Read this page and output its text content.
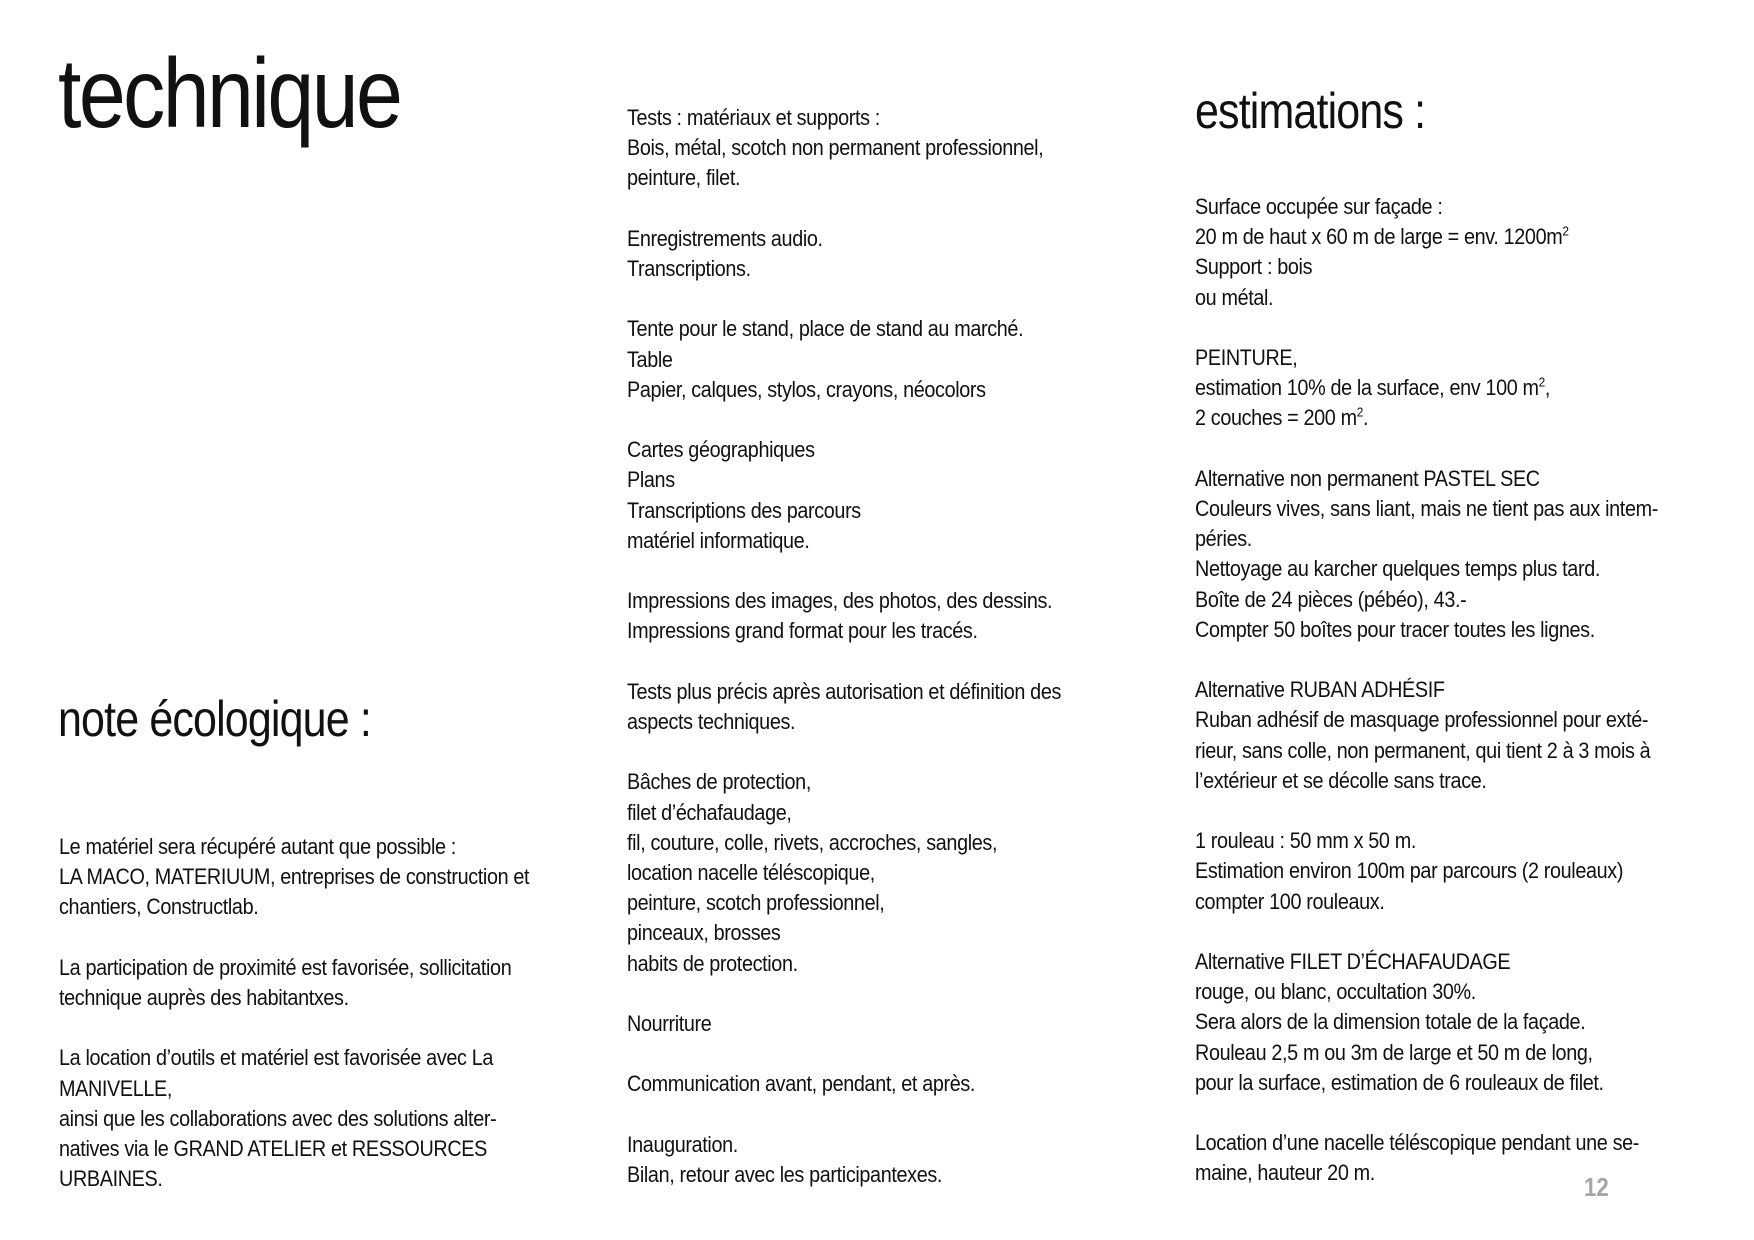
technique
note écologique :
estimations :
Le matériel sera récupéré autant que possible :
LA MACO, MATERIUUM, entreprises de construction et
chantiers, Constructlab.
La participation de proximité est favorisée, sollicitation
technique auprès des habitantxes.
La location d’outils et matériel est favorisée avec La
MANIVELLE,
ainsi que les collaborations avec des solutions alter-
natives via le GRAND ATELIER et RESSOURCES
URBAINES.
Tests : matériaux et supports :
Bois, métal, scotch non permanent professionnel,
peinture, filet.
Enregistrements audio.
Transcriptions.
Tente pour le stand, place de stand au marché.
Table
Papier, calques, stylos, crayons, néocolors
Cartes géographiques
Plans
Transcriptions des parcours
matériel informatique.
Impressions des images, des photos, des dessins.
Impressions grand format pour les tracés.
Tests plus précis après autorisation et définition des
aspects techniques.
Bâches de protection,
filet d’échafaudage,
fil, couture, colle, rivets, accroches, sangles,
location nacelle téléscopique,
peinture, scotch professionnel,
pinceaux, brosses
habits de protection.
Nourriture
Communication avant, pendant, et après.
Inauguration.
Bilan, retour avec les participantexes.
Surface occupée sur façade :
20 m de haut x 60 m de large = env. $1200m^2$
Support : bois
ou métal.
PEINTURE,
estimation 10% de la surface, env 100 $m^2$,
2 couches = 200 $m^2$.
Alternative non permanent PASTEL SEC
Couleurs vives, sans liant, mais ne tient pas aux intem-
péries.
Nettoyage au karcher quelques temps plus tard.
Boîte de 24 pièces (pébéo), 43.-
Compter 50 boîtes pour tracer toutes les lignes.
Alternative RUBAN ADHÉSIF
Ruban adhésif de masquage professionnel pour exté-
rieur, sans colle, non permanent, qui tient 2 à 3 mois à
l’extérieur et se décolle sans trace.
1 rouleau : 50 mm x 50 m.
Estimation environ 100m par parcours (2 rouleaux)
compter 100 rouleaux.
Alternative FILET D’ÉCHAFAUDAGE
rouge, ou blanc, occultation 30%.
Sera alors de la dimension totale de la façade.
Rouleau 2,5 m ou 3m de large et 50 m de long,
pour la surface, estimation de 6 rouleaux de filet.
Location d’une nacelle téléscopique pendant une se-
maine, hauteur 20 m.	12
